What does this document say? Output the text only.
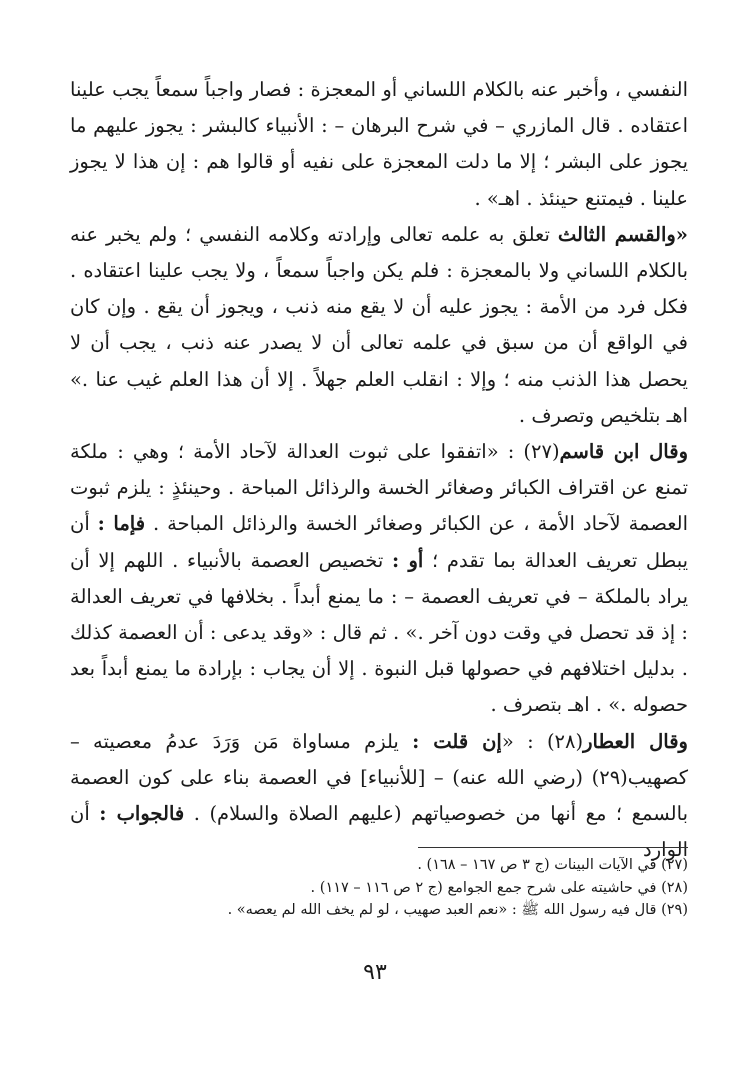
النفسي ، وأخبر عنه بالكلام اللساني أو المعجزة : فصار واجباً سمعاً يجب علينا اعتقاده . قال المازري – في شرح البرهان – : الأنبياء كالبشر : يجوز عليهم ما يجوز على البشر ؛ إلا ما دلت المعجزة على نفيه أو قالوا هم : إن هذا لا يجوز علينا . فيمتنع حينئذ . اهـ» .

«والقسم الثالث تعلق به علمه تعالى وإرادته وكلامه النفسي ؛ ولم يخبر عنه بالكلام اللساني ولا بالمعجزة : فلم يكن واجباً سمعاً ، ولا يجب علينا اعتقاده . فكل فرد من الأمة : يجوز عليه أن لا يقع منه ذنب ، ويجوز أن يقع . وإن كان في الواقع أن من سبق في علمه تعالى أن لا يصدر عنه ذنب ، يجب أن لا يحصل هذا الذنب منه ؛ وإلا : انقلب العلم جهلاً . إلا أن هذا العلم غيب عنا .» اهـ بتلخيص وتصرف .

وقال ابن قاسم(٢٧) : «اتفقوا على ثبوت العدالة لآحاد الأمة ؛ وهي : ملكة تمنع عن اقتراف الكبائر وصغائر الخسة والرذائل المباحة . وحينئذٍ : يلزم ثبوت العصمة لآحاد الأمة ، عن الكبائر وصغائر الخسة والرذائل المباحة . فإما : أن يبطل تعريف العدالة بما تقدم ؛ أو : تخصيص العصمة بالأنبياء . اللهم إلا أن يراد بالملكة – في تعريف العصمة – : ما يمنع أبداً . بخلافها في تعريف العدالة : إذ قد تحصل في وقت دون آخر .» . ثم قال : «وقد يدعى : أن العصمة كذلك . بدليل اختلافهم في حصولها قبل النبوة . إلا أن يجاب : بإرادة ما يمنع أبداً بعد حصوله .» . اهـ بتصرف .

وقال العطار(٢٨) : «إن قلت : يلزم مساواة مَن وَرَدَ عدمُ معصيته – كصهيب(٢٩) (رضي الله عنه) – [للأنبياء] في العصمة بناء على كون العصمة بالسمع ؛ مع أنها من خصوصياتهم (عليهم الصلاة والسلام) . فالجواب : أن الوارد

(٢٧) في الآيات البينات (ج ٣ ص ١٦٧ – ١٦٨) .

(٢٨) في حاشيته على شرح جمع الجوامع (ج ٢ ص ١١٦ – ١١٧) .

(٢٩) قال فيه رسول الله ﷺ : «نعم العبد صهيب ، لو لم يخف الله لم يعصه» .

٩٣
